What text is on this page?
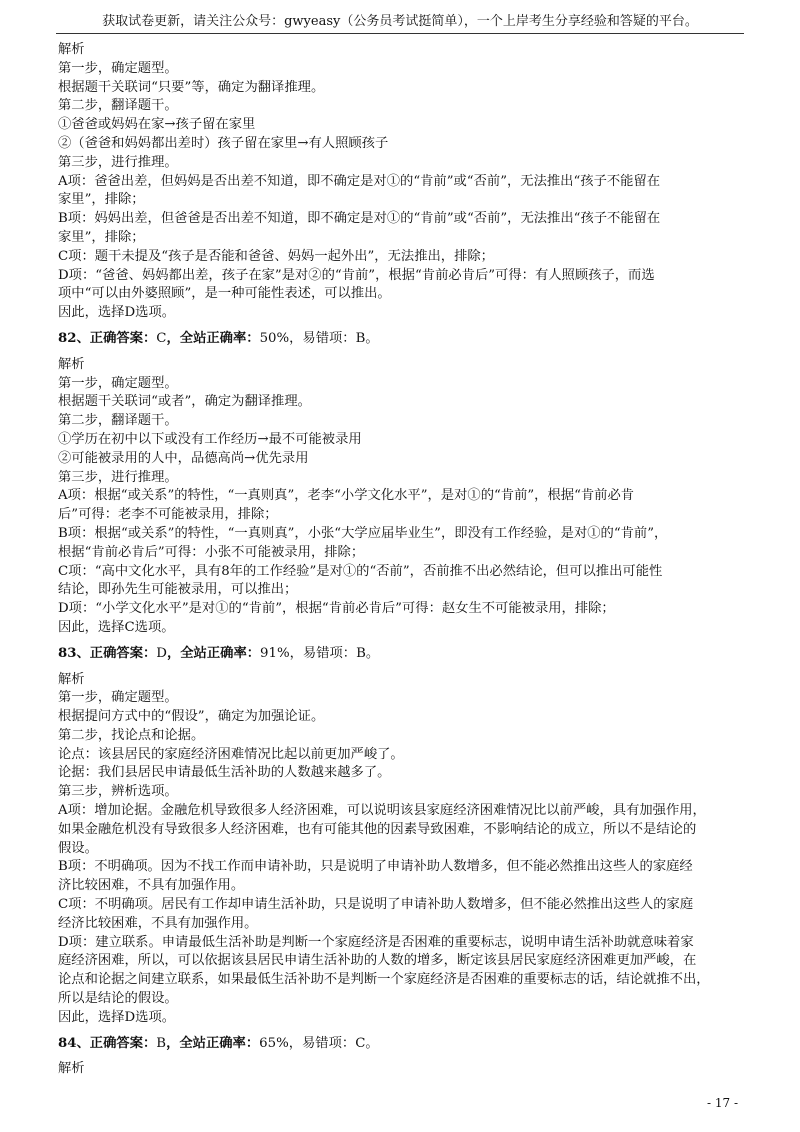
获取试卷更新，请关注公众号：gwyeasy（公务员考试挺简单），一个上岸考生分享经验和答疑的平台。
解析
第一步，确定题型。
根据题干关联词“只要”等，确定为翻译推理。
第二步，翻译题干。
①爸爸或妈妈在家→孩子留在家里
②（爸爸和妈妈都出差时）孩子留在家里→有人照顾孩子
第三步，进行推理。
A项：爸爸出差，但妈妈是否出差不知道，即不确定是对①的“肯前”或“否前”，无法推出“孩子不能留在
家里”，排除；
B项：妈妈出差，但爸爸是否出差不知道，即不确定是对①的“肯前”或“否前”，无法推出“孩子不能留在
家里”，排除；
C项：题干未提及“孩子是否能和爸爸、妈妈一起外出”，无法推出，排除；
D项：“爸爸、妈妈都出差，孩子在家”是对②的“肯前”，根据“肯前必肯后”可得：有人照顾孩子，而选
项中“可以由外婆照顾”，是一种可能性表述，可以推出。
因此，选择D选项。
82、正确答案：C，全站正确率：50%，易错项：B。
解析
第一步，确定题型。
根据题干关联词“或者”，确定为翻译推理。
第二步，翻译题干。
①学历在初中以下或没有工作经历→最不可能被录用
②可能被录用的人中，品德高尚→优先录用
第三步，进行推理。
A项：根据“或关系”的特性，“一真则真”，老李“小学文化水平”，是对①的“肯前”，根据“肯前必肯
后”可得：老李不可能被录用，排除；
B项：根据“或关系”的特性，“一真则真”，小张“大学应届毕业生”，即没有工作经验，是对①的“肯前”，
根据“肯前必肯后”可得：小张不可能被录用，排除；
C项：“高中文化水平，具有8年的工作经验”是对①的“否前”，否前推不出必然结论，但可以推出可能性
结论，即孙先生可能被录用，可以推出；
D项：“小学文化水平”是对①的“肯前”，根据“肯前必肯后”可得：赵女生不可能被录用，排除；
因此，选择C选项。
83、正确答案：D，全站正确率：91%，易错项：B。
解析
第一步，确定题型。
根据提问方式中的“假设”，确定为加强论证。
第二步，找论点和论据。
论点：该县居民的家庭经济困难情况比起以前更加严峻了。
论据：我们县居民申请最低生活补助的人数越来越多了。
第三步，辨析选项。
A项：增加论据。金融危机导致很多人经济困难，可以说明该县家庭经济困难情况比以前严峻，具有加强作用，
如果金融危机没有导致很多人经济困难，也有可能其他的因素导致困难，不影响结论的成立，所以不是结论的
假设。
B项：不明确项。因为不找工作而申请补助，只是说明了申请补助人数增多，但不能必然推出这些人的家庭经
济比较困难，不具有加强作用。
C项：不明确项。居民有工作却申请生活补助，只是说明了申请补助人数增多，但不能必然推出这些人的家庭
经济比较困难，不具有加强作用。
D项：建立联系。申请最低生活补助是判断一个家庭经济是否困难的重要标志，说明申请生活补助就意味着家
庭经济困难，所以，可以依据该县居民申请生活补助的人数的增多，断定该县居民家庭经济困难更加严峻，在
论点和论据之间建立联系，如果最低生活补助不是判断一个家庭经济是否困难的重要标志的话，结论就推不出，
所以是结论的假设。
因此，选择D选项。
84、正确答案：B，全站正确率：65%，易错项：C。
解析
- 17 -
